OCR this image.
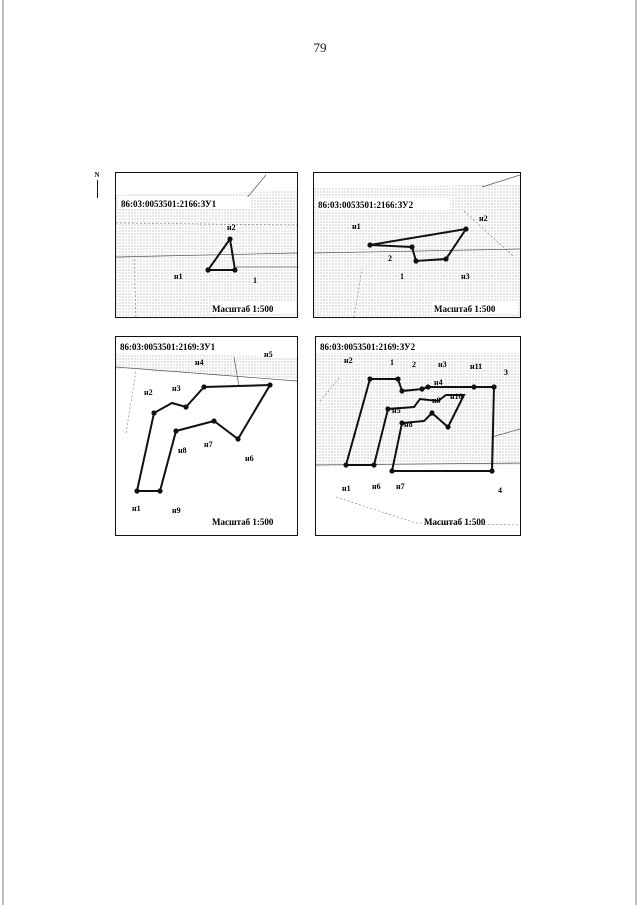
79
N
н2
н1	1
86:03:0053501:2166:ЗУ1
Масштаб 1:500
н1
н2
2
1	н3
86:03:0053501:2166:ЗУ2
Масштаб 1:500
н5
н4
н3
н2
н7
н8
н6
н1	н9
86:03:0053501:2169:ЗУ1
Масштаб 1:500
н2	1 2	н3
н4
н11
3
н5
н9 н10
н8
н1	н6 н7	4
86:03:0053501:2169:ЗУ2
Масштаб 1:500
